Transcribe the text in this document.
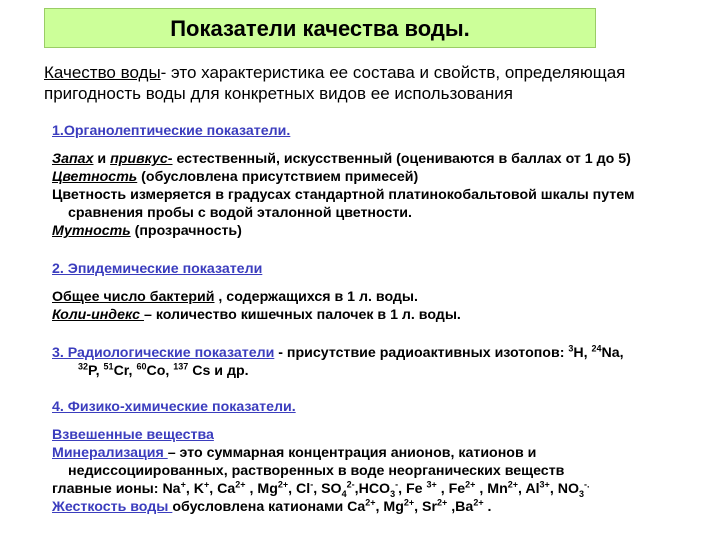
Показатели качества воды.
Качество воды- это характеристика ее состава и свойств, определяющая
пригодность воды для конкретных видов ее использования
1.Органолептические показатели.
Запах и привкус- естественный, искусственный (оцениваются в баллах от 1 до 5)
Цветность (обусловлена присутствием примесей)
Цветность измеряется в градусах стандартной платинокобальтовой шкалы путем
сравнения пробы с водой эталонной цветности.
Мутность (прозрачность)
2. Эпидемические показатели
Общее число бактерий , содержащихся в 1 л. воды.
Коли-индекс – количество кишечных палочек в 1 л. воды.
3. Радиологические показатели - присутствие радиоактивных изотопов: $^3$H, $^{24}$Na,
$^{32}$P, $^{51}$Cr, $^{60}$Co, $^{137}$ Cs и др.
4. Физико-химические показатели.
Взвешенные вещества
Минерализация – это суммарная концентрация анионов, катионов и
недиссоциированных, растворенных в воде неорганических веществ
главные ионы: Na+, K+, $Ca^{2+}$ , $Mg^{2+}$, Cl-, $SO_4^{2-},HCO_3^-$, Fe $^{3+}$ , $Fe^{2+}$ , $Mn^{2+}$, $Al^{3+}$, $NO_3^{-.}$
Жесткость воды обусловлена катионами $Ca^{2+}$, $Mg^{2+}$, $Sr^{2+}$ $,Ba^{2+}$ .
